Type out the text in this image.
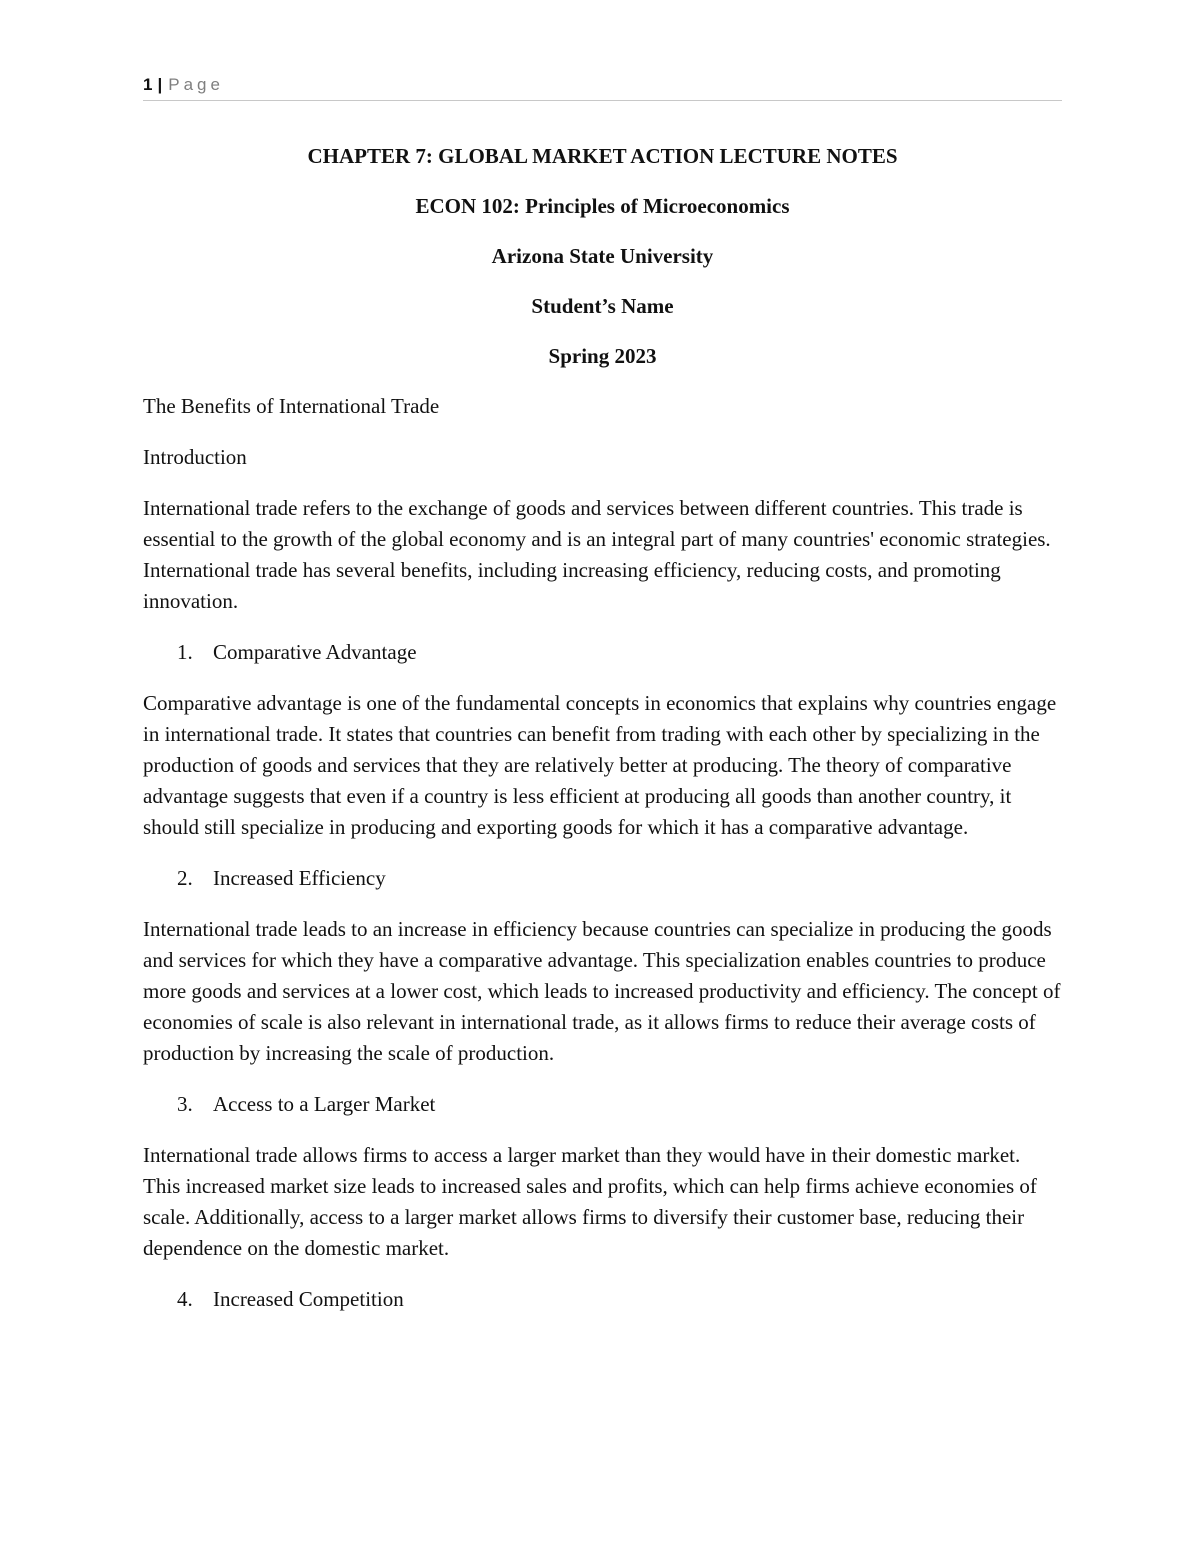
1 | Page

CHAPTER 7: GLOBAL MARKET ACTION LECTURE NOTES

ECON 102: Principles of Microeconomics

Arizona State University

Student’s Name

Spring 2023

The Benefits of International Trade

Introduction

International trade refers to the exchange of goods and services between different countries. This trade is essential to the growth of the global economy and is an integral part of many countries' economic strategies. International trade has several benefits, including increasing efficiency, reducing costs, and promoting innovation.

1. Comparative Advantage

Comparative advantage is one of the fundamental concepts in economics that explains why countries engage in international trade. It states that countries can benefit from trading with each other by specializing in the production of goods and services that they are relatively better at producing. The theory of comparative advantage suggests that even if a country is less efficient at producing all goods than another country, it should still specialize in producing and exporting goods for which it has a comparative advantage.

2. Increased Efficiency

International trade leads to an increase in efficiency because countries can specialize in producing the goods and services for which they have a comparative advantage. This specialization enables countries to produce more goods and services at a lower cost, which leads to increased productivity and efficiency. The concept of economies of scale is also relevant in international trade, as it allows firms to reduce their average costs of production by increasing the scale of production.

3. Access to a Larger Market

International trade allows firms to access a larger market than they would have in their domestic market. This increased market size leads to increased sales and profits, which can help firms achieve economies of scale. Additionally, access to a larger market allows firms to diversify their customer base, reducing their dependence on the domestic market.

4. Increased Competition
